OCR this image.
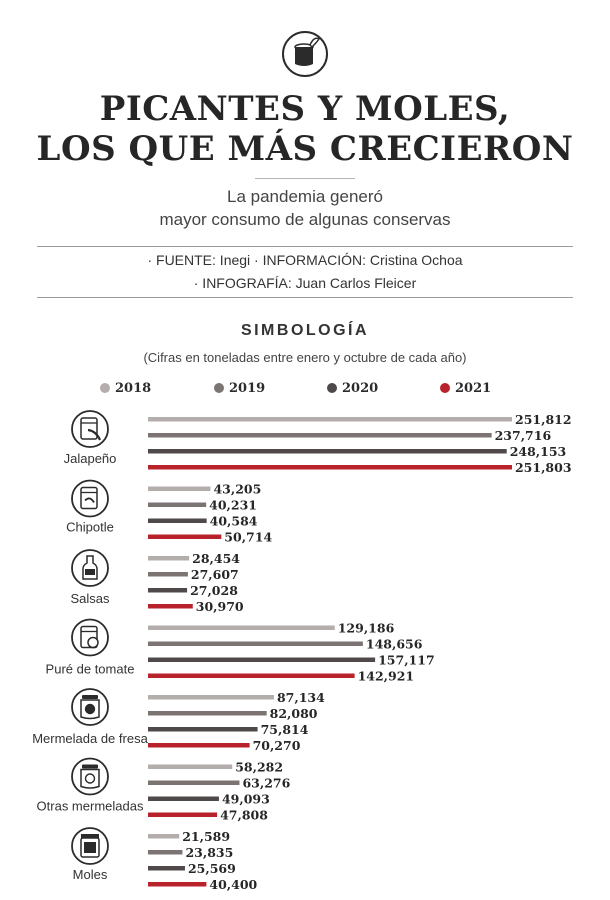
PICANTES Y MOLES,
LOS QUE MÁS CRECIERON
La pandemia generó
mayor consumo de algunas conservas
· FUENTE: Inegi · INFORMACIÓN: Cristina Ochoa
· INFOGRAFÍA: Juan Carlos Fleicer
SIMBOLOGÍA
(Cifras en toneladas entre enero y octubre de cada año)
2018	2019	2020	2021
Jalapeño
251,812
237,716
248,153
251,803
Chipotle
43,205
40,231
40,584
50,714
Salsas
28,454
27,607
27,028
30,970
Puré de tomate
129,186
148,656
157,117
142,921
Mermelada de fresa
87,134
82,080
75,814
70,270
Otras mermeladas
58,282
63,276
49,093
47,808
Moles
21,589
23,835
25,569
40,400
